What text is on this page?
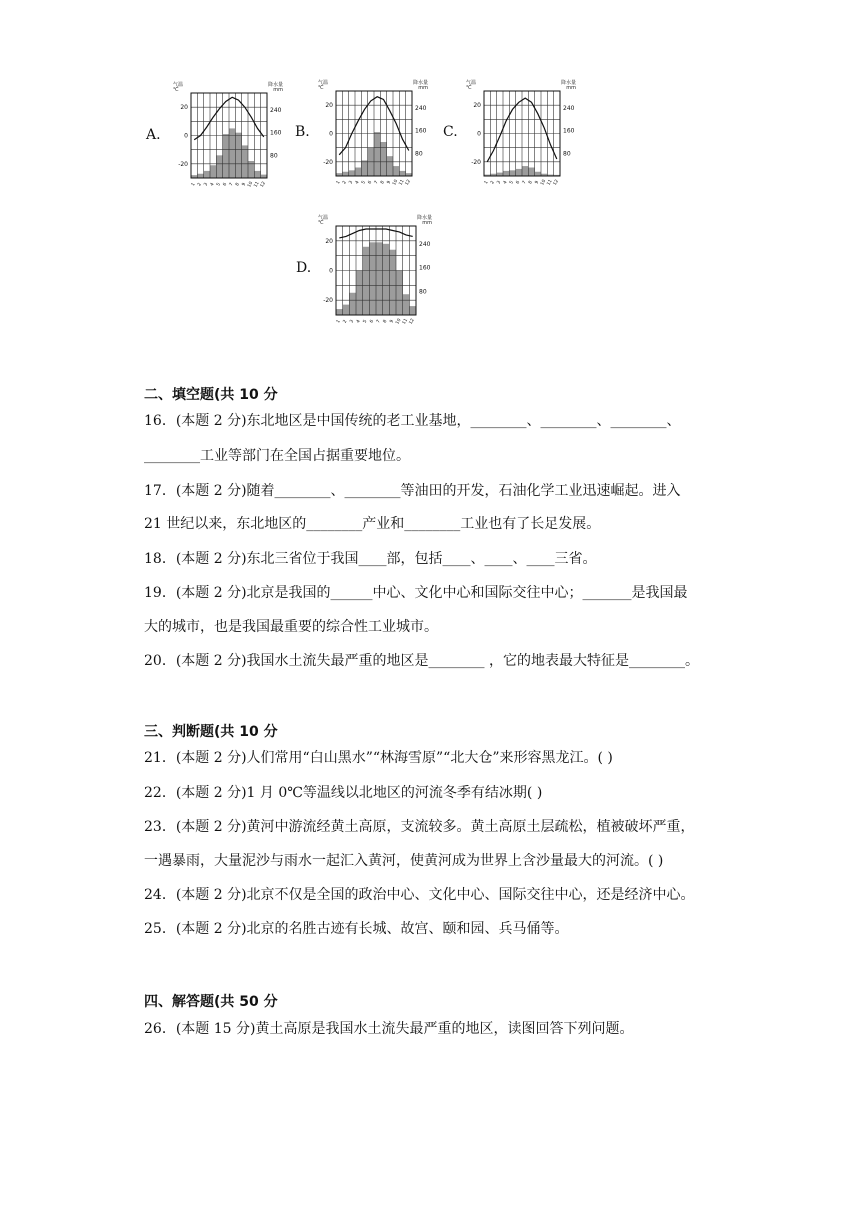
A.	B.	C.
D.
气温
℃
降水量
mm
20
0
-20
240
160
80
1 2 3 4 5 6 7 8 9 10 11 12
气温
℃
降水量
mm
20
0
-20
240
160
80
1 2 3 4 5 6 7 8 9 10 11 12
气温
℃
降水量
mm
20
0
-20
240
160
80
1 2 3 4 5 6 7 8 9 10 11 12
气温
℃
降水量
mm
20
0
-20
240
160
80
1 2 3 4 5 6 7 8 9 10 11 12
二、填空题(共 10 分
16．(本题 2 分)东北地区是中国传统的老工业基地，________、________、________、
________工业等部门在全国占据重要地位。
17．(本题 2 分)随着________、________等油田的开发，石油化学工业迅速崛起。进入
21 世纪以来，东北地区的________产业和________工业也有了长足发展。
18．(本题 2 分)东北三省位于我国____部，包括____、____、____三省。
19．(本题 2 分)北京是我国的______中心、文化中心和国际交往中心；_______是我国最
大的城市，也是我国最重要的综合性工业城市。
20．(本题 2 分)我国水土流失最严重的地区是________ ，它的地表最大特征是________。
三、判断题(共 10 分
21．(本题 2 分)人们常用“白山黑水”“林海雪原”“北大仓”来形容黑龙江。( )
22．(本题 2 分)1 月 0℃等温线以北地区的河流冬季有结冰期( )
23．(本题 2 分)黄河中游流经黄土高原，支流较多。黄土高原土层疏松，植被破坏严重，
一遇暴雨，大量泥沙与雨水一起汇入黄河，使黄河成为世界上含沙量最大的河流。( )
24．(本题 2 分)北京不仅是全国的政治中心、文化中心、国际交往中心，还是经济中心。
25．(本题 2 分)北京的名胜古迹有长城、故宫、颐和园、兵马俑等。
四、解答题(共 50 分
26．(本题 15 分)黄土高原是我国水土流失最严重的地区，读图回答下列问题。
